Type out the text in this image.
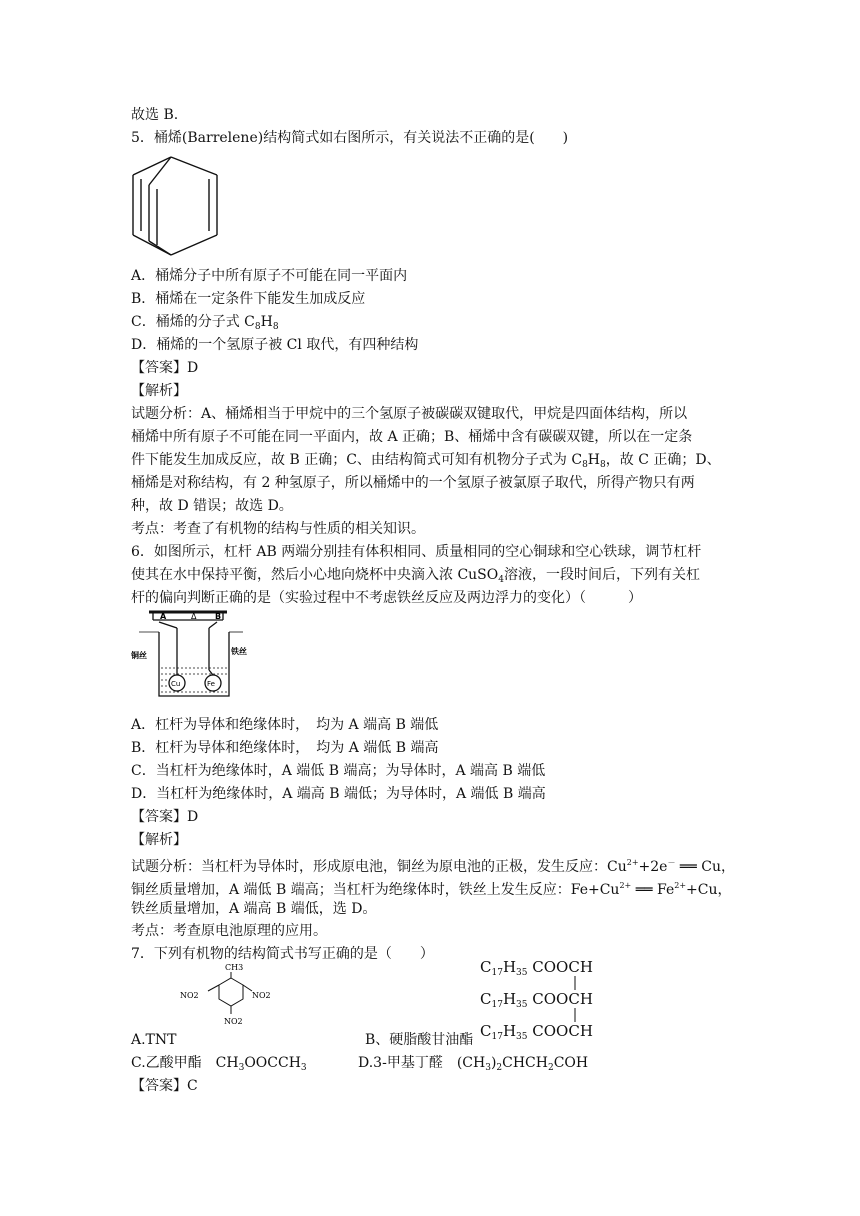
故选 B.
5．桶烯(Barrelene)结构简式如右图所示，有关说法不正确的是(　　)
A．桶烯分子中所有原子不可能在同一平面内
B．桶烯在一定条件下能发生加成反应
C．桶烯的分子式 $C_8H_8$
D．桶烯的一个氢原子被 Cl 取代，有四种结构
【答案】D
【解析】
试题分析：A、桶烯相当于甲烷中的三个氢原子被碳碳双键取代，甲烷是四面体结构，所以
桶烯中所有原子不可能在同一平面内，故 A 正确；B、桶烯中含有碳碳双键，所以在一定条
件下能发生加成反应，故 B 正确；C、由结构简式可知有机物分子式为 $C_8H_8$，故 C 正确；D、
桶烯是对称结构，有 2 种氢原子，所以桶烯中的一个氢原子被氯原子取代，所得产物只有两
种，故 D 错误；故选 D。
考点：考查了有机物的结构与性质的相关知识。
6．如图所示，杠杆 AB 两端分别挂有体积相同、质量相同的空心铜球和空心铁球，调节杠杆
使其在水中保持平衡，然后小心地向烧杯中央滴入浓 CuSO$_4$溶液，一段时间后，下列有关杠
杆的偏向判断正确的是（实验过程中不考虑铁丝反应及两边浮力的变化）（　　　）
A	Δ B
铜丝	铁丝
Cu	Fe
A．杠杆为导体和绝缘体时，　均为 A 端高 B 端低
B．杠杆为导体和绝缘体时，　均为 A 端低 B 端高
C．当杠杆为绝缘体时，A 端低 B 端高；为导体时，A 端高 B 端低
D．当杠杆为绝缘体时，A 端高 B 端低；为导体时，A 端低 B 端高
【答案】D
【解析】
试题分析：当杠杆为导体时，形成原电池，铜丝为原电池的正极，发生反应：$Cu^{2+}+2e^-$ ══ Cu，
铜丝质量增加，A 端低 B 端高；当杠杆为绝缘体时，铁丝上发生反应：$Fe+Cu^{2+}$ ══ $Fe^{2+}+Cu$，
铁丝质量增加，A 端高 B 端低，选 D。
考点：考查原电池原理的应用。
7．下列有机物的结构简式书写正确的是（　　）
CH3
NO2	NO2
NO2
$C_{17}H_{35}$ COOCH
$C_{17}H_{35}$ COOCH
$C_{17}H_{35}$ COOCH
A.TNT	B、硬脂酸甘油酯
C.乙酸甲酯　$CH_3OOCCH_3$	D.3-甲基丁醛　$(CH_3)_2CHCH_2COH$
【答案】C
